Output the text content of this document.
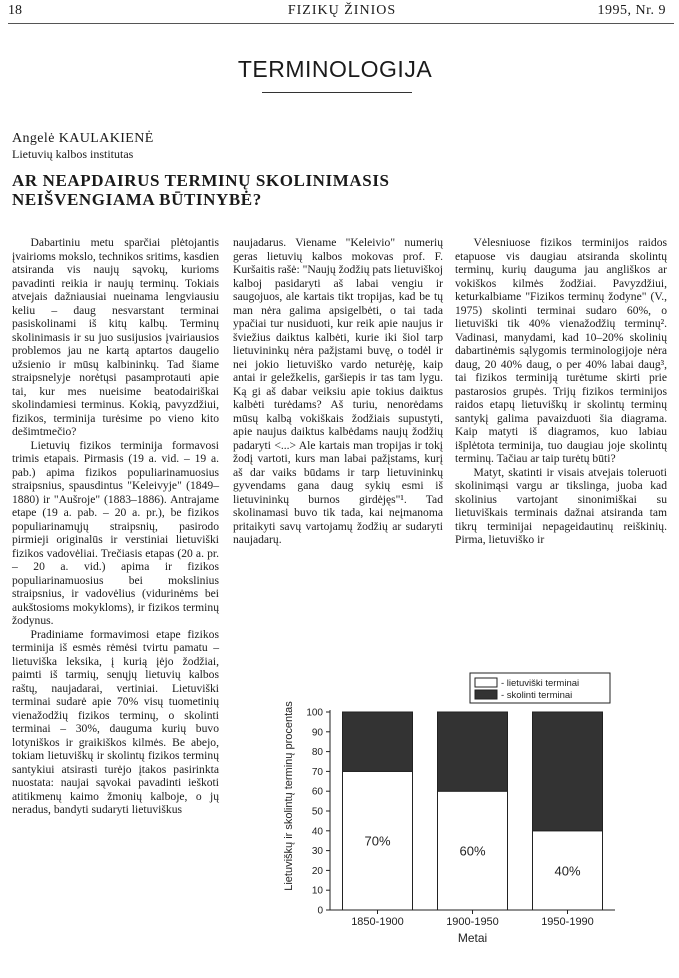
18	FIZIKŲ ŽINIOS	1995, Nr. 9
TERMINOLOGIJA
Angelė KAULAKIENĖ
Lietuvių kalbos institutas
AR NEAPDAIRUS TERMINŲ SKOLINIMASIS
NEIŠVENGIAMA BŪTINYBĖ?

Dabartiniu metu sparčiai plėtojantis įvairioms mokslo, technikos sritims, kasdien atsiranda vis naujų sąvokų, kurioms pavadinti reikia ir naujų terminų. Tokiais atvejais dažniausiai nueinama lengviausiu keliu – daug nesvarstant terminai pasiskolinami iš kitų kalbų. Terminų skolinimasis ir su juo susijusios įvairiausios problemos jau ne kartą aptartos daugelio užsienio ir mūsų kalbininkų. Tad šiame straipsnelyje norėtųsi pasamprotauti apie tai, kur mes nueisime beatodairiškai skolindamiesi terminus. Kokią, pavyzdžiui, fizikos, terminija turėsime po vieno kito dešimtmečio?

Lietuvių fizikos terminija formavosi trimis etapais. Pirmasis (19 a. vid. – 19 a. pab.) apima fizikos populiarinamuosius straipsnius, spausdintus "Keleivyje" (1849–1880) ir "Aušroje" (1883–1886). Antrajame etape (19 a. pab. – 20 a. pr.), be fizikos populiarinamųjų straipsnių, pasirodo pirmieji originalūs ir verstiniai lietuviški fizikos vadovėliai. Trečiasis etapas (20 a. pr. – 20 a. vid.) apima ir fizikos populiarinamuosius bei mokslinius straipsnius, ir vadovėlius (vidurinėms bei aukštosioms mokykloms), ir fizikos terminų žodynus.

Pradiniame formavimosi etape fizikos terminija iš esmės rėmėsi tvirtu pamatu – lietuviška leksika, į kurią įėjo žodžiai, paimti iš tarmių, senųjų lietuvių kalbos raštų, naujadarai, vertiniai. Lietuviški terminai sudarė apie 70% visų tuometinių vienažodžių fizikos terminų, o skolinti terminai – 30%, dauguma kurių buvo lotyniškos ir graikiškos kilmės. Be abejo, tokiam lietuviškų ir skolintų fizikos terminų santykiui atsirasti turėjo įtakos pasirinkta nuostata: naujai sąvokai pavadinti ieškoti atitikmenų kaimo žmonių kalboje, o jų neradus, bandyti sudaryti lietuviškus

naujadarus. Viename "Keleivio" numerių geras lietuvių kalbos mokovas prof. F. Kuršaitis rašė: "Naujų žodžių pats lietuviškoj kalboj pasidaryti aš labai vengiu ir saugojuos, ale kartais tikt tropijas, kad be tų man nėra galima apsigelbėti, o tai tada ypačiai tur nusiduoti, kur reik apie naujus ir šviežius daiktus kalbėti, kurie iki šiol tarp lietuvininkų nėra pažįstami buvę, o todėl ir nei jokio lietuviško vardo neturėję, kaip antai ir geležkelis, garšiepis ir tas tam lygu. Ką gi aš dabar veiksiu apie tokius daiktus kalbėti turėdams? Aš turiu, nenorėdams mūsų kalbą vokiškais žodžiais supustyti, apie naujus daiktus kalbėdams naujų žodžių padaryti <...> Ale kartais man tropijas ir tokį žodį vartoti, kurs man labai pažįstams, kurį aš dar vaiks būdams ir tarp lietuvininkų gyvendams gana daug sykių esmi iš lietuvininkų burnos girdėjęs"¹. Tad skolinamasi buvo tik tada, kai neįmanoma pritaikyti savų vartojamų žodžių ar sudaryti naujadarų.

Vėlesniuose fizikos terminijos raidos etapuose vis daugiau atsiranda skolintų terminų, kurių dauguma jau angliškos ar vokiškos kilmės žodžiai. Pavyzdžiui, keturkalbiame "Fizikos terminų žodyne" (V., 1975) skolinti terminai sudaro 60%, o lietuviški tik 40% vienažodžių terminų². Vadinasi, manydami, kad 10–20% skolinių dabartinėmis sąlygomis terminologijoje nėra daug, 20 40% daug, o per 40% labai daug³, tai fizikos terminiją turėtume skirti prie pastarosios grupės. Trijų fizikos terminijos raidos etapų lietuviškų ir skolintų terminų santykį galima pavaizduoti šia diagrama. Kaip matyti iš diagramos, kuo labiau išplėtota terminija, tuo daugiau joje skolintų terminų. Tačiau ar taip turėtų būti?

Matyt, skatinti ir visais atvejais toleruoti skolinimąsi vargu ar tikslinga, juoba kad skolinius vartojant sinonimiškai su lietuviškais terminais dažnai atsiranda tam tikrų terminijai nepageidautinų reiškinių. Pirma, lietuviško ir

0
10
20
30
40
50
60
70
80
90
100
70%
1850-1900
60%
1900-1950
40%
1950-1990
Metai
Lietuviškų ir skolintų terminų procentas
- lietuviški terminai
- skolinti terminai
